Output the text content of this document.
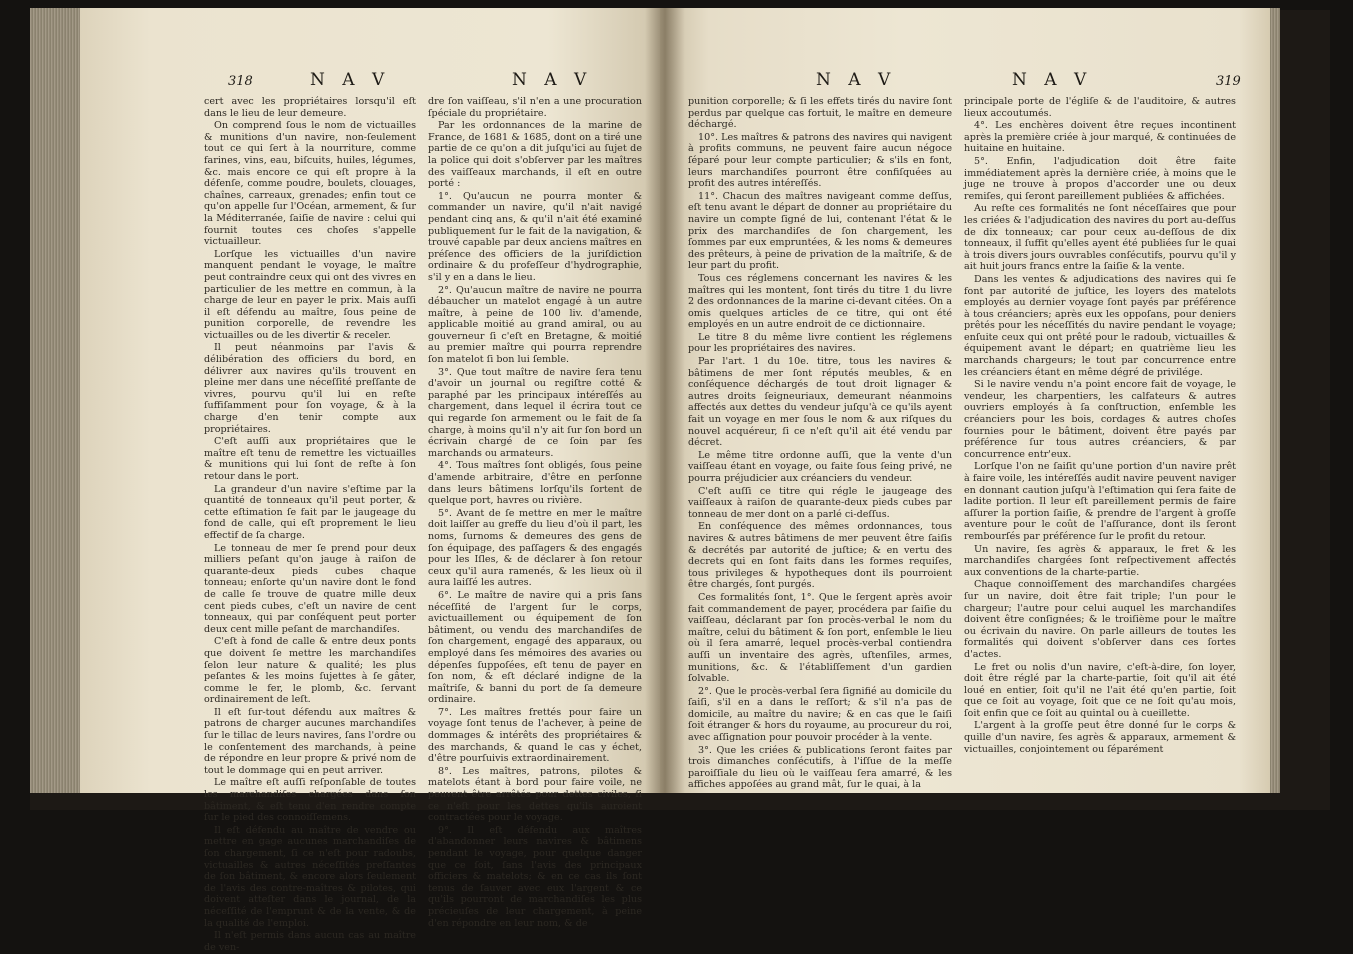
318	N A V	N A V

cert avec les propriétaires lorsqu'il eſt dans le lieu de leur demeure.

On comprend ſous le nom de victuailles & munitions d'un navire, non-ſeulement tout ce qui ſert à la nourriture, comme farines, vins, eau, biſcuits, huiles, légumes, &c. mais encore ce qui eſt propre à la défenſe, comme poudre, boulets, clouages, chaînes, carreaux, grenades; enfin tout ce qu'on appelle ſur l'Océan, armement, & ſur la Méditerranée, ſaiſie de navire : celui qui fournit toutes ces choſes s'appelle victuailleur.

Lorſque les victuailles d'un navire manquent pendant le voyage, le maître peut contraindre ceux qui ont des vivres en particulier de les mettre en commun, à la charge de leur en payer le prix. Mais auſſi il eſt défendu au maître, ſous peine de punition corporelle, de revendre les victuailles ou de les divertir & receler.

Il peut néanmoins par l'avis & délibération des officiers du bord, en délivrer aux navires qu'ils trouvent en pleine mer dans une néceſſité preſſante de vivres, pourvu qu'il lui en reſte ſuffiſamment pour ſon voyage, & à la charge d'en tenir compte aux propriétaires.

C'eſt auſſi aux propriétaires que le maître eſt tenu de remettre les victuailles & munitions qui lui ſont de reſte à ſon retour dans le port.

La grandeur d'un navire s'eſtime par la quantité de tonneaux qu'il peut porter, & cette eſtimation ſe fait par le jaugeage du fond de calle, qui eſt proprement le lieu effectif de ſa charge.

Le tonneau de mer ſe prend pour deux milliers peſant qu'on jauge à raiſon de quarante-deux pieds cubes chaque tonneau; enſorte qu'un navire dont le fond de calle ſe trouve de quatre mille deux cent pieds cubes, c'eſt un navire de cent tonneaux, qui par conſéquent peut porter deux cent mille peſant de marchandiſes.

C'eſt à fond de calle & entre deux ponts que doivent ſe mettre les marchandiſes ſelon leur nature & qualité; les plus peſantes & les moins ſujettes à ſe gâter, comme le fer, le plomb, &c. ſervant ordinairement de leſt.

Il eſt ſur-tout défendu aux maîtres & patrons de charger aucunes marchandiſes ſur le tillac de leurs navires, ſans l'ordre ou le conſentement des marchands, à peine de répondre en leur propre & privé nom de tout le dommage qui en peut arriver.

Le maître eſt auſſi reſponſable de toutes les marchandiſes chargées dans ſon bâtiment, & eſt tenu d'en rendre compte ſur le pied des connoiſſemens.

Il eſt défendu au maître de vendre ou mettre en gage aucunes marchandiſes de ſon chargement, ſi ce n'eſt pour radoubs, victuailles & autres néceſſités preſſantes de ſon bâtiment, & encore alors ſeulement de l'avis des contre-maîtres & pilotes, qui doivent atteſter dans le journal, de la néceſſité de l'emprunt & de la vente, & de la qualité de l'emploi.

Il n'eſt permis dans aucun cas au maître de ven-

dre ſon vaiſſeau, s'il n'en a une procuration ſpéciale du propriétaire.

Par les ordonnances de la marine de France, de 1681 & 1685, dont on a tiré une partie de ce qu'on a dit juſqu'ici au ſujet de la police qui doit s'obſerver par les maîtres des vaiſſeaux marchands, il eſt en outre porté :

1°. Qu'aucun ne pourra monter & commander un navire, qu'il n'ait navigé pendant cinq ans, & qu'il n'ait été examiné publiquement ſur le fait de la navigation, & trouvé capable par deux anciens maîtres en préſence des officiers de la juriſdiction ordinaire & du profeſſeur d'hydrographie, s'il y en a dans le lieu.

2°. Qu'aucun maître de navire ne pourra débaucher un matelot engagé à un autre maître, à peine de 100 liv. d'amende, applicable moitié au grand amiral, ou au gouverneur ſi c'eſt en Bretagne, & moitié au premier maître qui pourra reprendre ſon matelot ſi bon lui ſemble.

3°. Que tout maître de navire ſera tenu d'avoir un journal ou regiſtre cotté & paraphé par les principaux intéreſſés au chargement, dans lequel il écrira tout ce qui regarde ſon armement ou le fait de ſa charge, à moins qu'il n'y ait ſur ſon bord un écrivain chargé de ce ſoin par ſes marchands ou armateurs.

4°. Tous maîtres ſont obligés, ſous peine d'amende arbitraire, d'être en perſonne dans leurs bâtimens lorſqu'ils ſortent de quelque port, havres ou rivière.

5°. Avant de ſe mettre en mer le maître doit laiſſer au greffe du lieu d'où il part, les noms, ſurnoms & demeures des gens de ſon équipage, des paſſagers & des engagés pour les Iſles, & de déclarer à ſon retour ceux qu'il aura ramenés, & les lieux où il aura laiſſé les autres.

6°. Le maître de navire qui a pris ſans néceſſité de l'argent ſur le corps, avictuaillement ou équipement de ſon bâtiment, ou vendu des marchandiſes de ſon chargement, engagé des apparaux, ou employé dans ſes mémoires des avaries ou dépenſes ſuppoſées, eſt tenu de payer en ſon nom, & eſt déclaré indigne de la maîtriſe, & banni du port de ſa demeure ordinaire.

7°. Les maîtres frettés pour faire un voyage ſont tenus de l'achever, à peine de dommages & intérêts des propriétaires & des marchands, & quand le cas y échet, d'être pourſuivis extraordinairement.

8°. Les maîtres, patrons, pilotes & matelots étant à bord pour faire voile, ne peuvent être arrêtés pour dettes civiles, ſi ce n'eſt pour les dettes qu'ils auroient contractées pour le voyage.

9°. Il eſt défendu aux maîtres d'abandonner leurs navires & bâtimens pendant le voyage, pour quelque danger que ce ſoit, ſans l'avis des principaux officiers & matelots; & en ce cas ils ſont tenus de ſauver avec eux l'argent & ce qu'ils pourront de marchandiſes les plus précieuſes de leur chargement, à peine d'en répondre en leur nom, & de

N A V	N A V	319

punition corporelle; & ſi les effets tirés du navire ſont perdus par quelque cas fortuit, le maître en demeure déchargé.

10°. Les maîtres & patrons des navires qui navigent à profits communs, ne peuvent faire aucun négoce ſéparé pour leur compte particulier; & s'ils en font, leurs marchandiſes pourront être confiſquées au profit des autres intéreſſés.

11°. Chacun des maîtres navigeant comme deſſus, eſt tenu avant le départ de donner au propriétaire du navire un compte ſigné de lui, contenant l'état & le prix des marchandiſes de ſon chargement, les ſommes par eux empruntées, & les noms & demeures des prêteurs, à peine de privation de la maîtriſe, & de leur part du profit.

Tous ces réglemens concernant les navires & les maîtres qui les montent, ſont tirés du titre 1 du livre 2 des ordonnances de la marine ci-devant citées. On a omis quelques articles de ce titre, qui ont été employés en un autre endroit de ce dictionnaire.

Le titre 8 du même livre contient les réglemens pour les propriétaires des navires.

Par l'art. 1 du 10e. titre, tous les navires & bâtimens de mer ſont réputés meubles, & en conſéquence déchargés de tout droit lignager & autres droits ſeigneuriaux, demeurant néanmoins affectés aux dettes du vendeur juſqu'à ce qu'ils ayent fait un voyage en mer ſous le nom & aux riſques du nouvel acquéreur, ſi ce n'eſt qu'il ait été vendu par décret.

Le même titre ordonne auſſi, que la vente d'un vaiſſeau étant en voyage, ou faite ſous ſeing privé, ne pourra préjudicier aux créanciers du vendeur.

C'eſt auſſi ce titre qui régle le jaugeage des vaiſſeaux à raiſon de quarante-deux pieds cubes par tonneau de mer dont on a parlé ci-deſſus.

En conſéquence des mêmes ordonnances, tous navires & autres bâtimens de mer peuvent être ſaiſis & decrétés par autorité de juſtice; & en vertu des decrets qui en ſont faits dans les formes requiſes, tous privileges & hypotheques dont ils pourroient être chargés, ſont purgés.

Ces formalités ſont, 1°. Que le ſergent après avoir fait commandement de payer, procédera par ſaiſie du vaiſſeau, déclarant par ſon procès-verbal le nom du maître, celui du bâtiment & ſon port, enſemble le lieu où il ſera amarré, lequel procès-verbal contiendra auſſi un inventaire des agrès, uſtenſiles, armes, munitions, &c. & l'établiſſement d'un gardien ſolvable.

2°. Que le procès-verbal ſera ſignifié au domicile du ſaiſi, s'il en a dans le reſſort; & s'il n'a pas de domicile, au maître du navire; & en cas que le ſaiſi ſoit étranger & hors du royaume, au procureur du roi, avec aſſignation pour pouvoir procéder à la vente.

3°. Que les criées & publications ſeront faites par trois dimanches conſécutifs, à l'iſſue de la meſſe paroiſſiale du lieu où le vaiſſeau ſera amarré, & les affiches appoſées au grand mât, ſur le quai, à la

principale porte de l'égliſe & de l'auditoire, & autres lieux accoutumés.

4°. Les enchères doivent être reçues incontinent après la première criée à jour marqué, & continuées de huitaine en huitaine.

5°. Enfin, l'adjudication doit être faite immédiatement après la dernière criée, à moins que le juge ne trouve à propos d'accorder une ou deux remiſes, qui ſeront pareillement publiées & affichées.

Au reſte ces formalités ne ſont néceſſaires que pour les criées & l'adjudication des navires du port au-deſſus de dix tonneaux; car pour ceux au-deſſous de dix tonneaux, il ſuffit qu'elles ayent été publiées ſur le quai à trois divers jours ouvrables conſécutifs, pourvu qu'il y ait huit jours francs entre la ſaiſie & la vente.

Dans les ventes & adjudications des navires qui ſe font par autorité de juſtice, les loyers des matelots employés au dernier voyage ſont payés par préférence à tous créanciers; après eux les oppoſans, pour deniers prêtés pour les néceſſités du navire pendant le voyage; enſuite ceux qui ont prêté pour le radoub, victuailles & équipement avant le départ; en quatrième lieu les marchands chargeurs; le tout par concurrence entre les créanciers étant en même dégré de privilége.

Si le navire vendu n'a point encore fait de voyage, le vendeur, les charpentiers, les calfateurs & autres ouvriers employés à ſa conſtruction, enſemble les créanciers pour les bois, cordages & autres choſes fournies pour le bâtiment, doivent être payés par préférence ſur tous autres créanciers, & par concurrence entr'eux.

Lorſque l'on ne ſaiſit qu'une portion d'un navire prêt à faire voile, les intéreſſés audit navire peuvent naviger en donnant caution juſqu'à l'eſtimation qui ſera faite de ladite portion. Il leur eſt pareillement permis de faire aſſurer la portion ſaiſie, & prendre de l'argent à groſſe aventure pour le coût de l'aſſurance, dont ils ſeront rembourſés par préférence ſur le profit du retour.

Un navire, ſes agrès & apparaux, le fret & les marchandiſes chargées ſont reſpectivement affectés aux conventions de la charte-partie.

Chaque connoiſſement des marchandiſes chargées ſur un navire, doit être fait triple; l'un pour le chargeur; l'autre pour celui auquel les marchandiſes doivent être conſignées; & le troiſième pour le maître ou écrivain du navire. On parle ailleurs de toutes les formalités qui doivent s'obſerver dans ces ſortes d'actes.

Le fret ou nolis d'un navire, c'eſt-à-dire, ſon loyer, doit être réglé par la charte-partie, ſoit qu'il ait été loué en entier, ſoit qu'il ne l'ait été qu'en partie, ſoit que ce ſoit au voyage, ſoit que ce ne ſoit qu'au mois, ſoit enfin que ce ſoit au quintal ou à cueillette.

L'argent à la groſſe peut être donné ſur le corps & quille d'un navire, ſes agrès & apparaux, armement & victuailles, conjointement ou ſéparément
